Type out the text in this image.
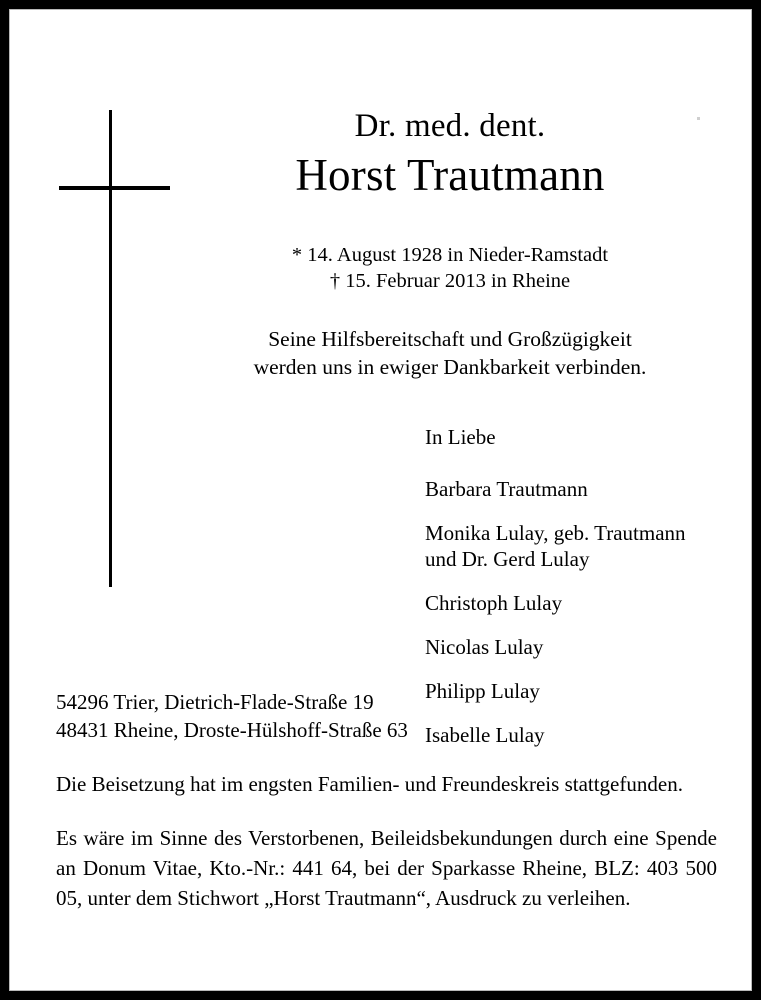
Dr. med. dent.
Horst Trautmann
* 14. August 1928 in Nieder-Ramstadt
† 15. Februar 2013 in Rheine
Seine Hilfsbereitschaft und Großzügigkeit
werden uns in ewiger Dankbarkeit verbinden.
In Liebe
Barbara Trautmann
Monika Lulay, geb. Trautmann
und Dr. Gerd Lulay
Christoph Lulay
Nicolas Lulay
Philipp Lulay
Isabelle Lulay
54296 Trier, Dietrich-Flade-Straße 19
48431 Rheine, Droste-Hülshoff-Straße 63
Die Beisetzung hat im engsten Familien- und Freundeskreis stattgefunden.
Es wäre im Sinne des Verstorbenen, Beileidsbekundungen durch eine Spende an Donum Vitae, Kto.-Nr.: 441 64, bei der Sparkasse Rheine, BLZ: 403 500 05, unter dem Stichwort „Horst Trautmann“, Ausdruck zu verleihen.
